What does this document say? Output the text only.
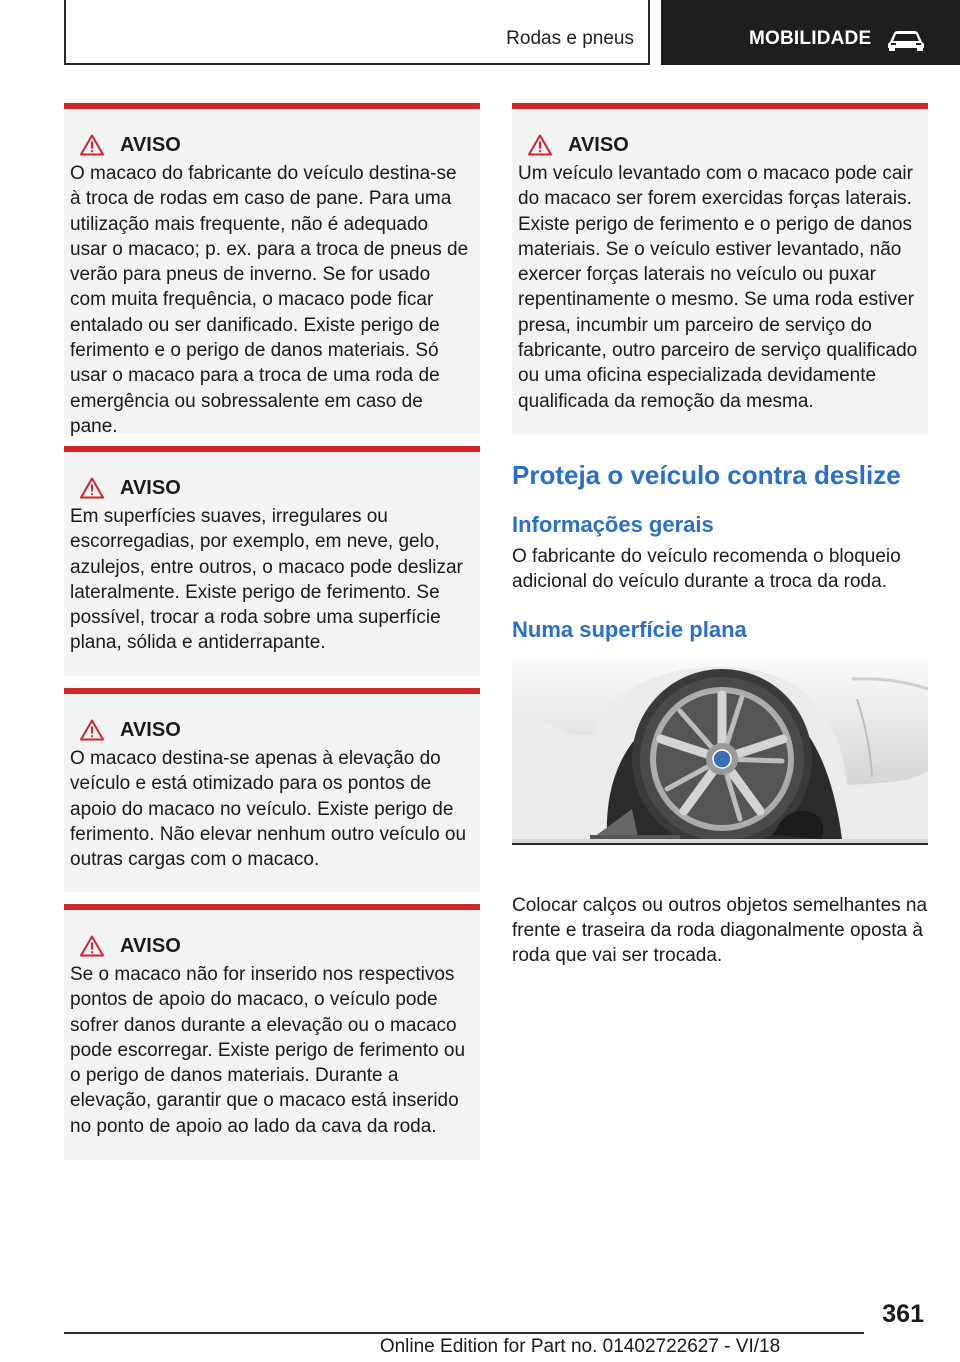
Rodas e pneus	MOBILIDADE
AVISO

O macaco do fabricante do veículo destina-se à troca de rodas em caso de pane. Para uma utilização mais frequente, não é adequado usar o macaco; p. ex. para a troca de pneus de verão para pneus de inverno. Se for usado com muita frequência, o macaco pode ficar entalado ou ser danificado. Existe perigo de ferimento e o perigo de danos materiais. Só usar o macaco para a troca de uma roda de emergência ou sobressalente em caso de pane.

AVISO

Em superfícies suaves, irregulares ou escorregadias, por exemplo, em neve, gelo, azulejos, entre outros, o macaco pode deslizar lateralmente. Existe perigo de ferimento. Se possível, trocar a roda sobre uma superfície plana, sólida e antiderrapante.

AVISO

O macaco destina-se apenas à elevação do veículo e está otimizado para os pontos de apoio do macaco no veículo. Existe perigo de ferimento. Não elevar nenhum outro veículo ou outras cargas com o macaco.

AVISO

Se o macaco não for inserido nos respectivos pontos de apoio do macaco, o veículo pode sofrer danos durante a elevação ou o macaco pode escorregar. Existe perigo de ferimento ou o perigo de danos materiais. Durante a elevação, garantir que o macaco está inserido no ponto de apoio ao lado da cava da roda.

AVISO

Um veículo levantado com o macaco pode cair do macaco ser forem exercidas forças laterais. Existe perigo de ferimento e o perigo de danos materiais. Se o veículo estiver levantado, não exercer forças laterais no veículo ou puxar repentinamente o mesmo. Se uma roda estiver presa, incumbir um parceiro de serviço do fabricante, outro parceiro de serviço qualificado ou uma oficina especializada devidamente qualificada da remoção da mesma.

Proteja o veículo contra deslize
Informações gerais

O fabricante do veículo recomenda o bloqueio adicional do veículo durante a troca da roda.

Numa superfície plana

Colocar calços ou outros objetos semelhantes na frente e traseira da roda diagonalmente oposta à roda que vai ser trocada.

361
Online Edition for Part no. 01402722627 - VI/18
